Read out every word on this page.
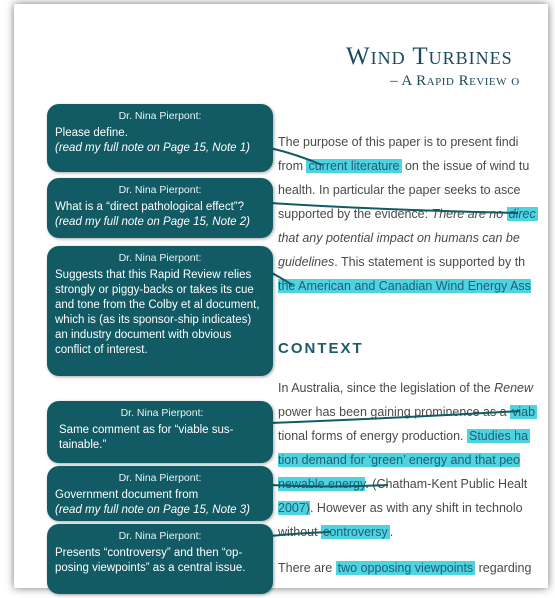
Wind Turbines
– A Rapid Review o
The purpose of this paper is to present findi
from current literature on the issue of wind tu
health. In particular the paper seeks to asce
supported by the evidence: There are no direc
that any potential impact on humans can be
guidelines. This statement is supported by th
the American and Canadian Wind Energy Ass
CONTEXT
In Australia, since the legislation of the Renew
power has been gaining prominence as a viab
tional forms of energy production. Studies ha
tion demand for ‘green’ energy and that peo
newable energy. (Chatham-Kent Public Healt
2007). However as with any shift in technolo
without controversy .
There are two opposing viewpoints regarding
Dr. Nina Pierpont:
Please define.
(read my full note on Page 15, Note 1)
Dr. Nina Pierpont:
What is a “direct pathological effect”?
(read my full note on Page 15, Note 2)
Dr. Nina Pierpont:
Suggests that this Rapid Review relies strongly or piggy-backs or takes its cue and tone from the Colby et al document, which is (as its sponsor-ship indicates) an industry document with obvious conflict of interest.
Dr. Nina Pierpont:
Same comment as for “viable sus-tainable.”
Dr. Nina Pierpont:
Government document from
(read my full note on Page 15, Note 3)
Dr. Nina Pierpont:
Presents “controversy” and then “op-posing viewpoints” as a central issue.
